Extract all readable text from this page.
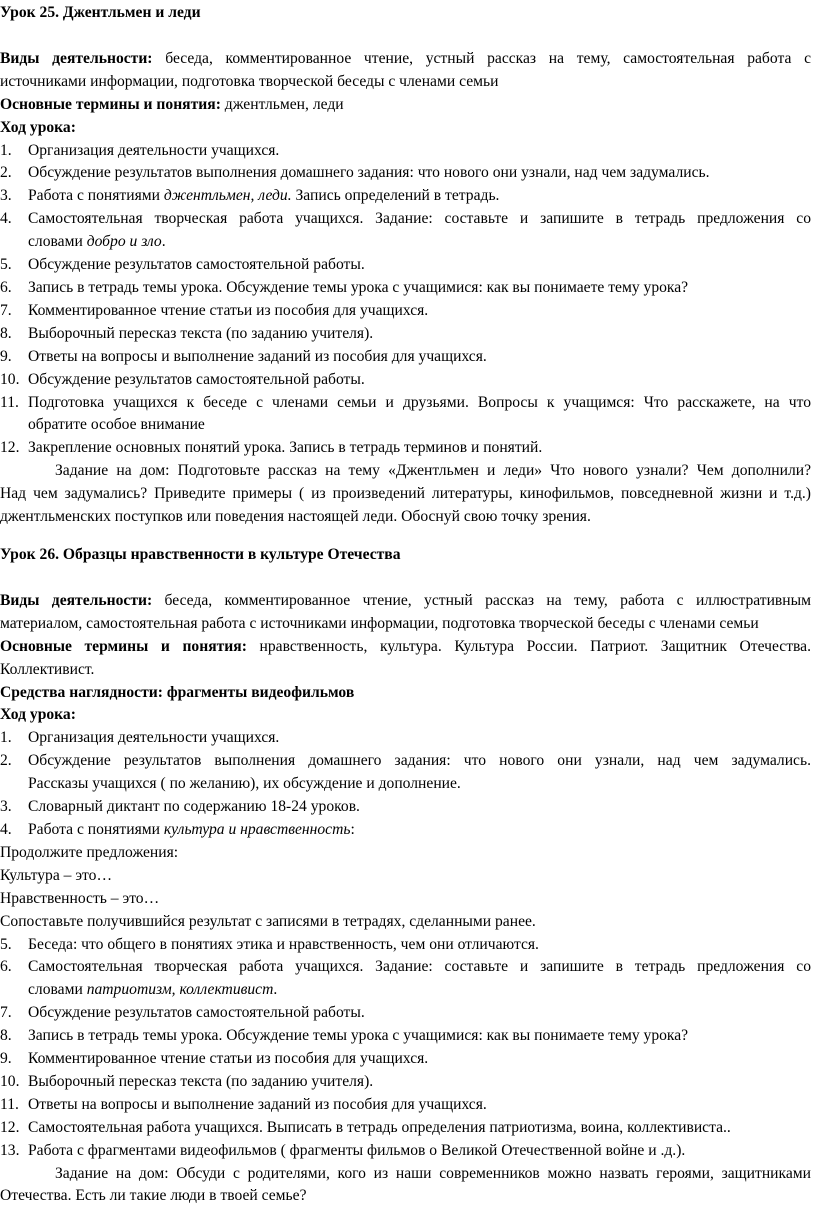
Урок 25. Джентльмен и леди
Виды деятельности: беседа, комментированное чтение, устный рассказ на тему, самостоятельная работа с
источниками информации, подготовка творческой беседы с членами семьи
Основные термины и понятия: джентльмен, леди
Ход урока:
1. Организация деятельности учащихся.
2. Обсуждение результатов выполнения домашнего задания: что нового они узнали, над чем задумались.
3. Работа с понятиями джентльмен, леди. Запись определений в тетрадь.
4. Самостоятельная творческая работа учащихся. Задание: составьте и запишите в тетрадь предложения со
словами добро и зло.
5. Обсуждение результатов самостоятельной работы.
6. Запись в тетрадь темы урока. Обсуждение темы урока с учащимися: как вы понимаете тему урока?
7. Комментированное чтение статьи из пособия для учащихся.
8. Выборочный пересказ текста (по заданию учителя).
9. Ответы на вопросы и выполнение заданий из пособия для учащихся.
10. Обсуждение результатов самостоятельной работы.
11. Подготовка учащихся к беседе с членами семьи и друзьями. Вопросы к учащимся: Что расскажете, на что
обратите особое внимание
12. Закрепление основных понятий урока. Запись в тетрадь терминов и понятий.
Задание на дом: Подготовьте рассказ на тему «Джентльмен и леди» Что нового узнали? Чем дополнили?
Над чем задумались? Приведите примеры ( из произведений литературы, кинофильмов, повседневной жизни и т.д.)
джентльменских поступков или поведения настоящей леди. Обоснуй свою точку зрения.
Урок 26. Образцы нравственности в культуре Отечества
Виды деятельности: беседа, комментированное чтение, устный рассказ на тему, работа с иллюстративным
материалом, самостоятельная работа с источниками информации, подготовка творческой беседы с членами семьи
Основные термины и понятия: нравственность, культура. Культура России. Патриот. Защитник Отечества.
Коллективист.
Средства наглядности: фрагменты видеофильмов
Ход урока:
1. Организация деятельности учащихся.
2. Обсуждение результатов выполнения домашнего задания: что нового они узнали, над чем задумались.
Рассказы учащихся ( по желанию), их обсуждение и дополнение.
3. Словарный диктант по содержанию 18-24 уроков.
4. Работа с понятиями культура и нравственность:
Продолжите предложения:
Культура – это…
Нравственность – это…
Сопоставьте получившийся результат с записями в тетрадях, сделанными ранее.
5. Беседа: что общего в понятиях этика и нравственность, чем они отличаются.
6. Самостоятельная творческая работа учащихся. Задание: составьте и запишите в тетрадь предложения со
словами патриотизм, коллективист.
7. Обсуждение результатов самостоятельной работы.
8. Запись в тетрадь темы урока. Обсуждение темы урока с учащимися: как вы понимаете тему урока?
9. Комментированное чтение статьи из пособия для учащихся.
10. Выборочный пересказ текста (по заданию учителя).
11. Ответы на вопросы и выполнение заданий из пособия для учащихся.
12. Самостоятельная работа учащихся. Выписать в тетрадь определения патриотизма, воина, коллективиста..
13. Работа с фрагментами видеофильмов ( фрагменты фильмов о Великой Отечественной войне и .д.).
Задание на дом: Обсуди с родителями, кого из наши современников можно назвать героями, защитниками
Отечества. Есть ли такие люди в твоей семье?
